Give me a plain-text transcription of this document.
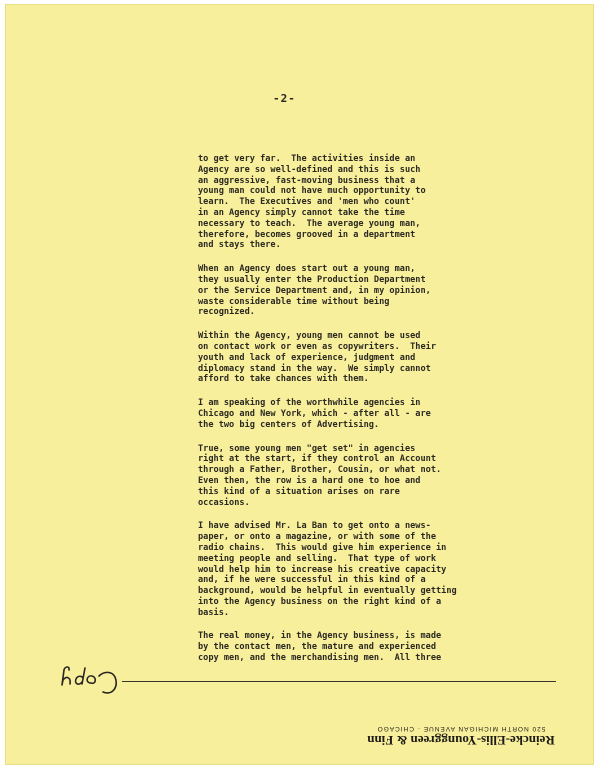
-2-

to get very far.  The activities inside an
Agency are so well-defined and this is such
an aggressive, fast-moving business that a
young man could not have much opportunity to
learn.  The Executives and 'men who count'
in an Agency simply cannot take the time
necessary to teach.  The average young man,
therefore, becomes grooved in a department
and stays there.

When an Agency does start out a young man,
they usually enter the Production Department
or the Service Department and, in my opinion,
waste considerable time without being
recognized.

Within the Agency, young men cannot be used
on contact work or even as copywriters.  Their
youth and lack of experience, judgment and
diplomacy stand in the way.  We simply cannot
afford to take chances with them.

I am speaking of the worthwhile agencies in
Chicago and New York, which - after all - are
the two big centers of Advertising.

True, some young men "get set" in agencies
right at the start, if they control an Account
through a Father, Brother, Cousin, or what not.
Even then, the row is a hard one to hoe and
this kind of a situation arises on rare
occasions.

I have advised Mr. La Ban to get onto a news-
paper, or onto a magazine, or with some of the
radio chains.  This would give him experience in
meeting people and selling.  That type of work
would help him to increase his creative capacity
and, if he were successful in this kind of a
background, would be helpful in eventually getting
into the Agency business on the right kind of a
basis.

The real money, in the Agency business, is made
by the contact men, the mature and experienced
copy men, and the merchandising men.  All three

Reincke-Ellis-Younggreen & Finn
520 NORTH MICHIGAN AVENUE · CHICAGO
